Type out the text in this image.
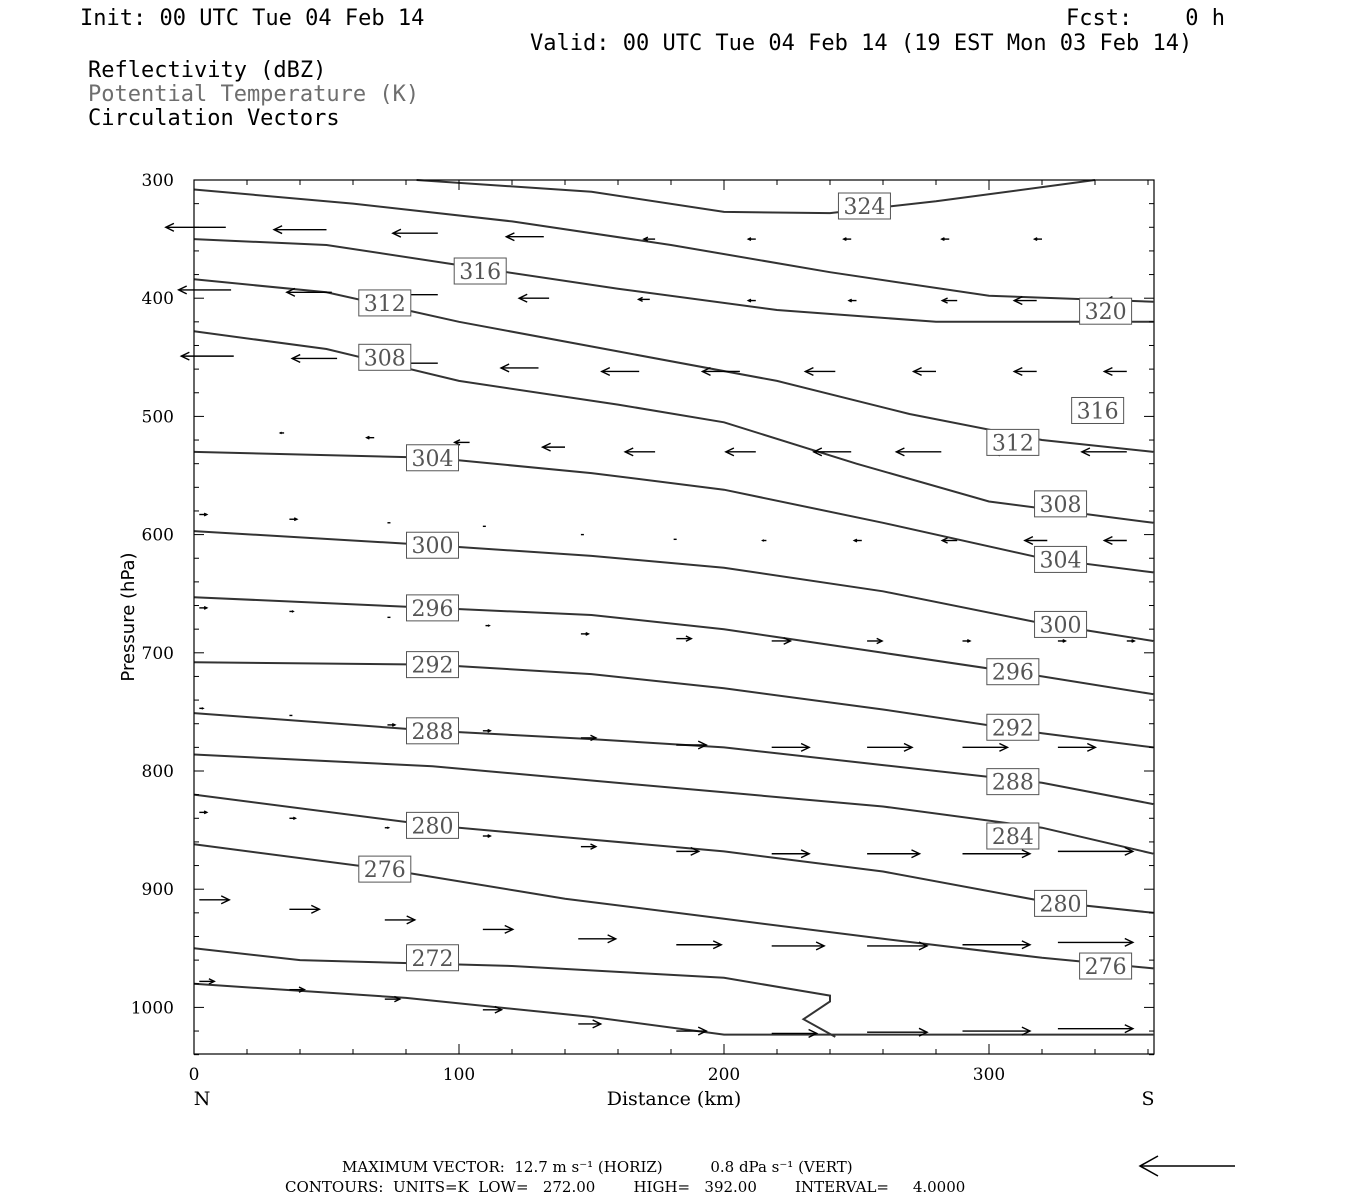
Init: 00 UTC Tue 04 Feb 14	Fcst:    0 h
Valid: 00 UTC Tue 04 Feb 14 (19 EST Mon 03 Feb 14)
Reflectivity (dBZ)
Potential Temperature (K)
Circulation Vectors
324
320
316
316
312
312
308
308
304
304
300
300
296
296
292
292
288
288
284
280
280
276
276
272
300
400
500
600
700
800
900
1000
0	100	200	300
Distance (km)
Pressure (hPa)
N	S
MAXIMUM VECTOR:  12.7 m s⁻¹ (HORIZ)          0.8 dPa s⁻¹ (VERT)
CONTOURS:  UNITS=K  LOW=   272.00        HIGH=   392.00        INTERVAL=     4.0000
